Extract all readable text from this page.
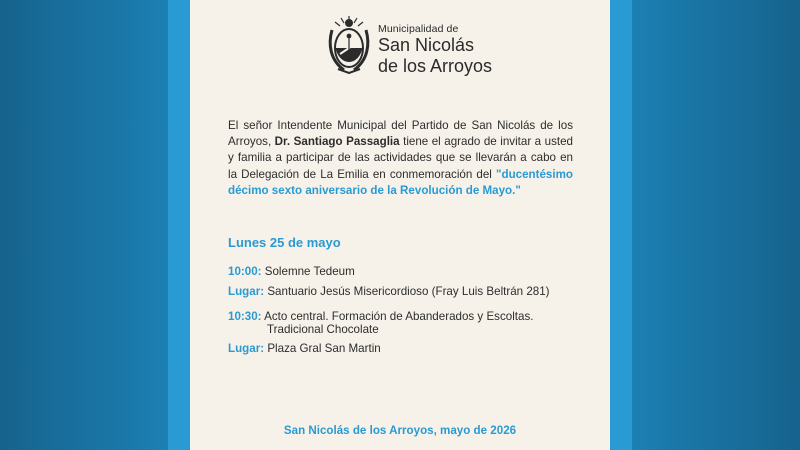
Municipalidad de
San Nicolás
de los Arroyos
El señor Intendente Municipal del Partido de San Nicolás de los Arroyos, Dr. Santiago Passaglia tiene el agrado de invitar a usted y familia a participar de las actividades que se llevarán a cabo en la Delegación de La Emilia en conmemoración del "ducentésimo décimo sexto aniversario de la Revolución de Mayo."
Lunes 25 de mayo
10:00: Solemne Tedeum
Lugar: Santuario Jesús Misericordioso (Fray Luis Beltrán 281)
10:30: Acto central. Formación de Abanderados y Escoltas.
Tradicional Chocolate
Lugar: Plaza Gral San Martin
San Nicolás de los Arroyos, mayo de 2026
